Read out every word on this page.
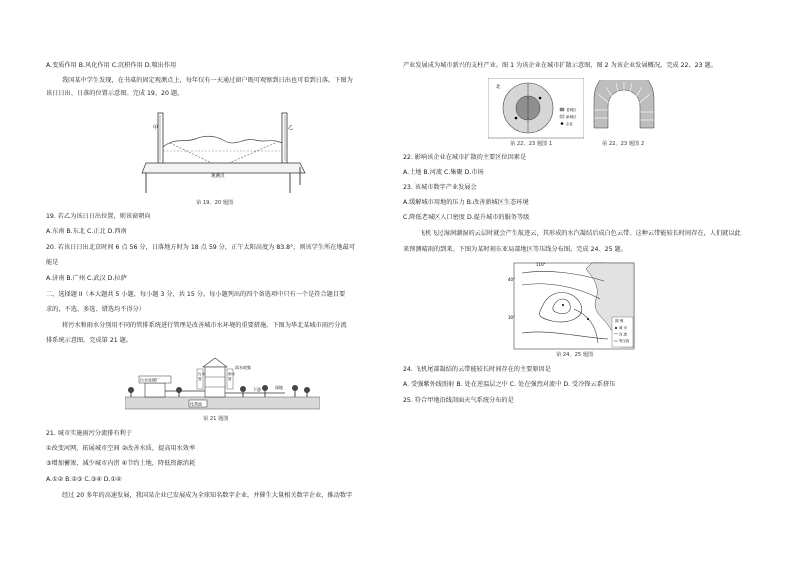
A.变质作用 B.风化作用 C.沉积作用 D.喷出作用
我国某中学生发现，在书桌的固定观测点上，每年仅有一天通过窗户既可观察到日出也可看到日落。下图为
该日日出、日落的位置示意图。完成 19、20 题。
甲	乙
观测点
第 19、20 题图
19. 若乙为该日日出位置，则该窗朝向
A.东南 B.东北 C.正北 D.西南
20. 若该日日出北京时间 6 点 56 分，日落地方时为 18 点 59 分，正午太阳高度为 83.8°，则该学生所在地最可
能是
A.济南 B.广州 C.武汉 D.拉萨
二、选择题 II（本大题共 5 小题，每小题 3 分，共 15 分。每小题列出的四个备选项中只有一个是符合题目要
求的，不选、多选、错选均不得分）
将污水和雨水分别用不同的管排系统进行管理是改善城市水环境的重要措施。下图为华北某城市雨污分流
排系统示意图。完成第 21 题。
污水处理厂
污水
管
雨水
管
雨水收集
化粪池
下游	绿地
第 21 题图
21. 城市实施雨污分流排有利于
①改变河网，拓展城市空间 ②改善水质，提高用水效率
③增加蓄渗，减少城市内涝 ④节约土地，降低资源消耗
A.①② B.②③ C.③④ D.①④
经过 20 多年的高速发展，我国某企业已发展成为全球知名数字企业，并催生大量相关数字企业，推动数字
产业发展成为城市新兴的支柱产业。图 1 为该企业在城市扩散示意图，图 2 为该企业发展概况。完成 22、23 题。
北
老城区
新城区
企业
第 22、23 题图 1	第 22、23 题图 2
22. 影响该企业在城市扩散的主要区位因素是
A.土地 B.河流 C.集聚 D.市场
23. 该城市数字产业发展会
A.缓解城市用地的压力 B.改善新城区生态环境
C.降低老城区人口密度 D.提升城市的服务等级
飞机飞过湿润潮湿的云层时就会产生航迹云，其形成的水汽凝结后成白色云带。这种云带能较长时间存在，人们就以此
来预测晴雨的到来。下图为某时刻东亚局部地区等压线分布图。完成 24、25 题。
110°
40°
30°
图 例
城 市
河 流
等压线
第 24、25 题图
24. 飞机尾部凝结的云带能较长时间存在的主要原因是
A. 受强紫外线照射 B. 处在逆温层之中 C. 处在强烈对流中 D. 受冷锋云系挤压
25. 符合甲地沿线剖面天气系统分布的是
